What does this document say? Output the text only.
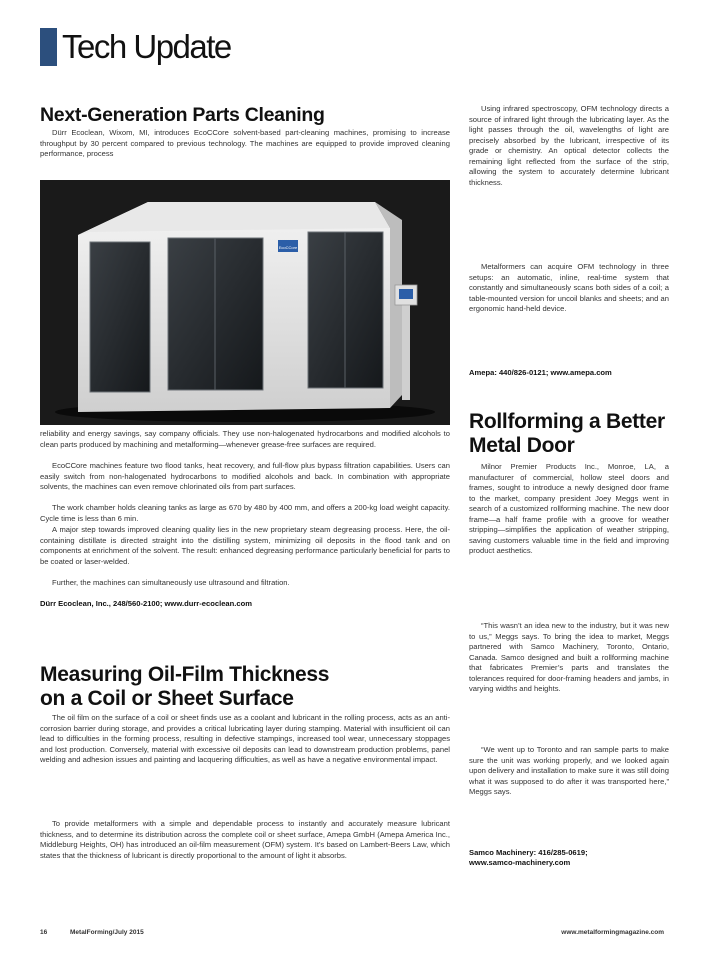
Tech Update
Next-Generation Parts Cleaning

Dürr Ecoclean, Wixom, MI, introduces EcoCCore solvent-based part-cleaning machines, promising to increase throughput by 30 percent compared to previous technology. The machines are equipped to provide improved cleaning performance, process

EcoCCore

reliability and energy savings, say company officials. They use non-halogenated hydrocarbons and modified alcohols to clean parts produced by machining and metalforming—whenever grease-free surfaces are required.

EcoCCore machines feature two flood tanks, heat recovery, and full-flow plus bypass filtration capabilities. Users can easily switch from non-halogenated hydrocarbons to modified alcohols and back. In combination with appropriate solvents, the machines can even remove chlorinated oils from part surfaces.

The work chamber holds cleaning tanks as large as 670 by 480 by 400 mm, and offers a 200-kg load weight capacity. Cycle time is less than 6 min.

A major step towards improved cleaning quality lies in the new proprietary steam degreasing process. Here, the oil-containing distillate is directed straight into the distilling system, minimizing oil deposits in the flood tank and on components at enrichment of the solvent. The result: enhanced degreasing performance particularly beneficial for parts to be coated or laser-welded.

Further, the machines can simultaneously use ultrasound and filtration.

Dürr Ecoclean, Inc., 248/560-2100; www.durr-ecoclean.com

Measuring Oil-Film Thickness on a Coil or Sheet Surface

The oil film on the surface of a coil or sheet finds use as a coolant and lubricant in the rolling process, acts as an anti-corrosion barrier during storage, and provides a critical lubricating layer during stamping. Material with insufficient oil can lead to difficulties in the forming process, resulting in defective stampings, increased tool wear, unnecessary stoppages and lost production. Conversely, material with excessive oil deposits can lead to downstream production problems, panel welding and adhesion issues and painting and lacquering difficulties, as well as have a negative environmental impact.

To provide metalformers with a simple and dependable process to instantly and accurately measure lubricant thickness, and to determine its distribution across the complete coil or sheet surface, Amepa GmbH (Amepa America Inc., Middleburg Heights, OH) has introduced an oil-film measurement (OFM) system. It's based on Lambert-Beers Law, which states that the thickness of lubricant is directly proportional to the amount of light it absorbs.

Using infrared spectroscopy, OFM technology directs a source of infrared light through the lubricating layer. As the light passes through the oil, wavelengths of light are precisely absorbed by the lubricant, irrespective of its grade or chemistry. An optical detector collects the remaining light reflected from the surface of the strip, allowing the system to accurately determine lubricant thickness.

Metalformers can acquire OFM technology in three setups: an automatic, inline, real-time system that constantly and simultaneously scans both sides of a coil; a table-mounted version for uncoil blanks and sheets; and an ergonomic hand-held device.

Amepa: 440/826-0121; www.amepa.com

Rollforming a Better Metal Door

Milnor Premier Products Inc., Monroe, LA, a manufacturer of commercial, hollow steel doors and frames, sought to introduce a newly designed door frame to the market, company president Joey Meggs went in search of a customized rollforming machine. The new door frame—a half frame profile with a groove for weather stripping—simplifies the application of weather stripping, saving customers valuable time in the field and improving product aesthetics.

“This wasn’t an idea new to the industry, but it was new to us,” Meggs says. To bring the idea to market, Meggs partnered with Samco Machinery, Toronto, Ontario, Canada. Samco designed and built a rollforming machine that fabricates Premier’s parts and translates the tolerances required for door-framing headers and jambs, in varying widths and heights.

“We went up to Toronto and ran sample parts to make sure the unit was working properly, and we looked again upon delivery and installation to make sure it was still doing what it was supposed to do after it was transported here,” Meggs says.

Samco Machinery: 416/285-0619;

www.samco-machinery.com

16	MetalForming/July 2015	www.metalformingmagazine.com
